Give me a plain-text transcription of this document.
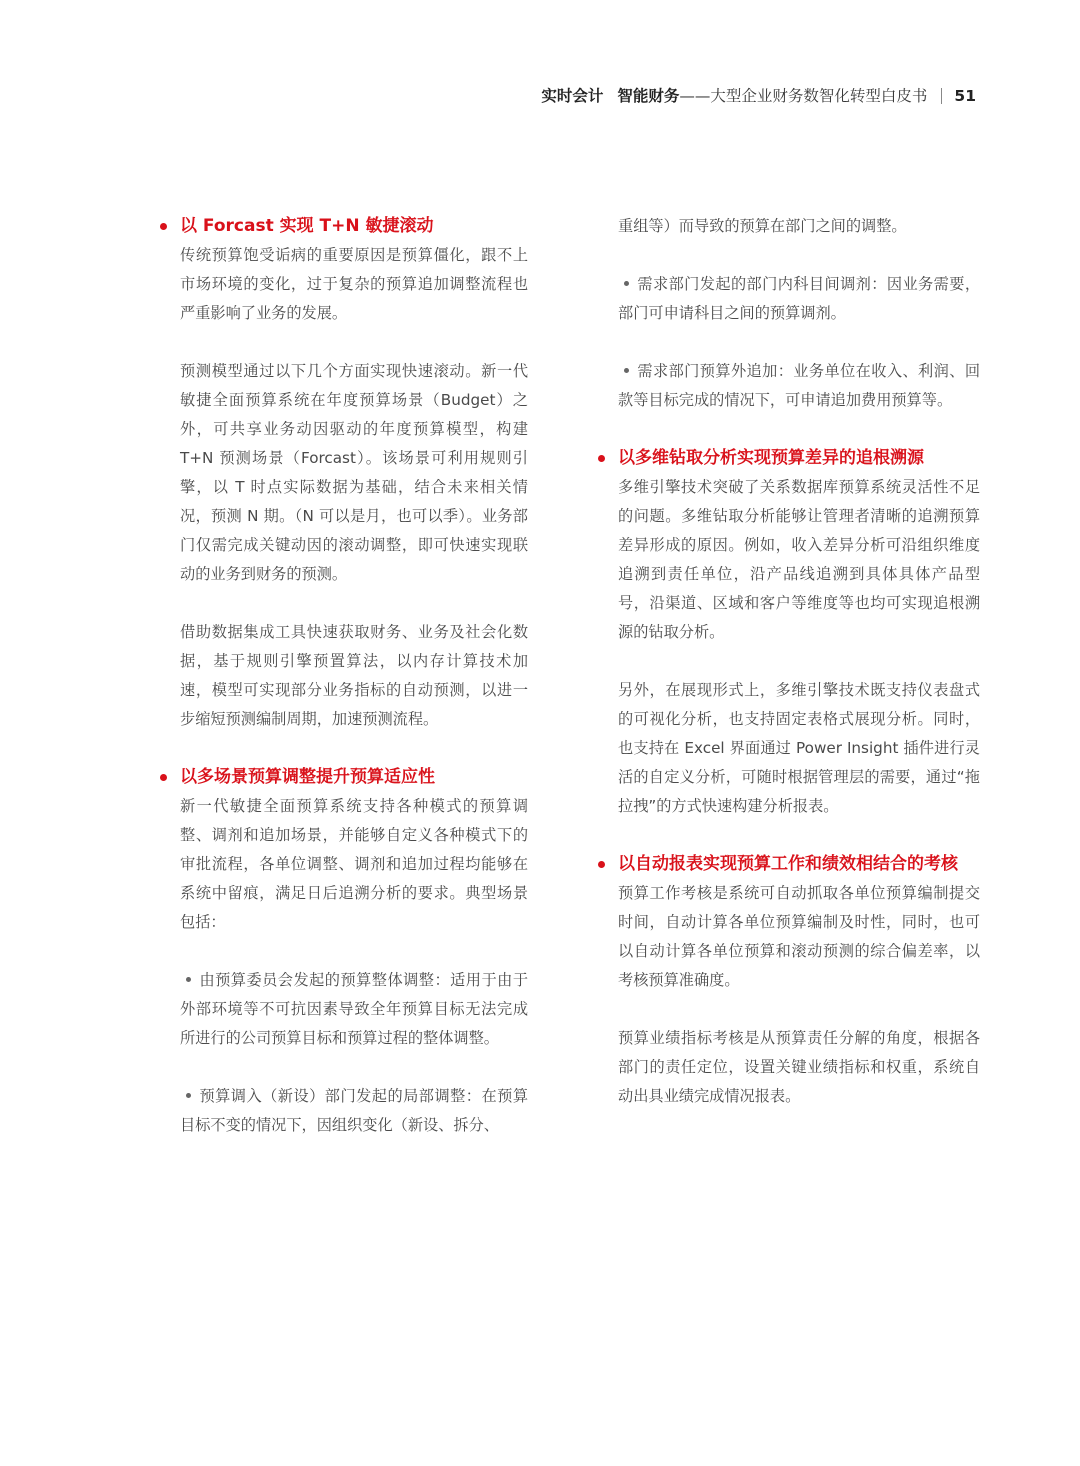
实时会计 智能财务 ——大型企业财务数智化转型白皮书 51
以 Forcast 实现 T+N 敏捷滚动

传统预算饱受诟病的重要原因是预算僵化，跟不上市场环境的变化，过于复杂的预算追加调整流程也严重影响了业务的发展。

预测模型通过以下几个方面实现快速滚动。新一代敏捷全面预算系统在年度预算场景（Budget）之外，可共享业务动因驱动的年度预算模型，构建 T+N 预测场景（Forcast）。该场景可利用规则引擎，以 T 时点实际数据为基础，结合未来相关情况，预测 N 期。（N 可以是月，也可以季）。业务部门仅需完成关键动因的滚动调整，即可快速实现联动的业务到财务的预测。

借助数据集成工具快速获取财务、业务及社会化数据，基于规则引擎预置算法，以内存计算技术加速，模型可实现部分业务指标的自动预测，以进一步缩短预测编制周期，加速预测流程。

以多场景预算调整提升预算适应性

新一代敏捷全面预算系统支持各种模式的预算调整、调剂和追加场景，并能够自定义各种模式下的审批流程，各单位调整、调剂和追加过程均能够在系统中留痕，满足日后追溯分析的要求。典型场景包括：

由预算委员会发起的预算整体调整：适用于由于外部环境等不可抗因素导致全年预算目标无法完成所进行的公司预算目标和预算过程的整体调整。

预算调入（新设）部门发起的局部调整：在预算目标不变的情况下，因组织变化（新设、拆分、

重组等）而导致的预算在部门之间的调整。

需求部门发起的部门内科目间调剂：因业务需要，部门可申请科目之间的预算调剂。

需求部门预算外追加：业务单位在收入、利润、回款等目标完成的情况下，可申请追加费用预算等。

以多维钻取分析实现预算差异的追根溯源

多维引擎技术突破了关系数据库预算系统灵活性不足的问题。多维钻取分析能够让管理者清晰的追溯预算差异形成的原因。例如，收入差异分析可沿组织维度追溯到责任单位，沿产品线追溯到具体具体产品型号，沿渠道、区域和客户等维度等也均可实现追根溯源的钻取分析。

另外，在展现形式上，多维引擎技术既支持仪表盘式的可视化分析，也支持固定表格式展现分析。同时，也支持在 Excel 界面通过 Power Insight 插件进行灵活的自定义分析，可随时根据管理层的需要，通过“拖拉拽”的方式快速构建分析报表。

以自动报表实现预算工作和绩效相结合的考核

预算工作考核是系统可自动抓取各单位预算编制提交时间，自动计算各单位预算编制及时性，同时，也可以自动计算各单位预算和滚动预测的综合偏差率，以考核预算准确度。

预算业绩指标考核是从预算责任分解的角度，根据各部门的责任定位，设置关键业绩指标和权重，系统自动出具业绩完成情况报表。
